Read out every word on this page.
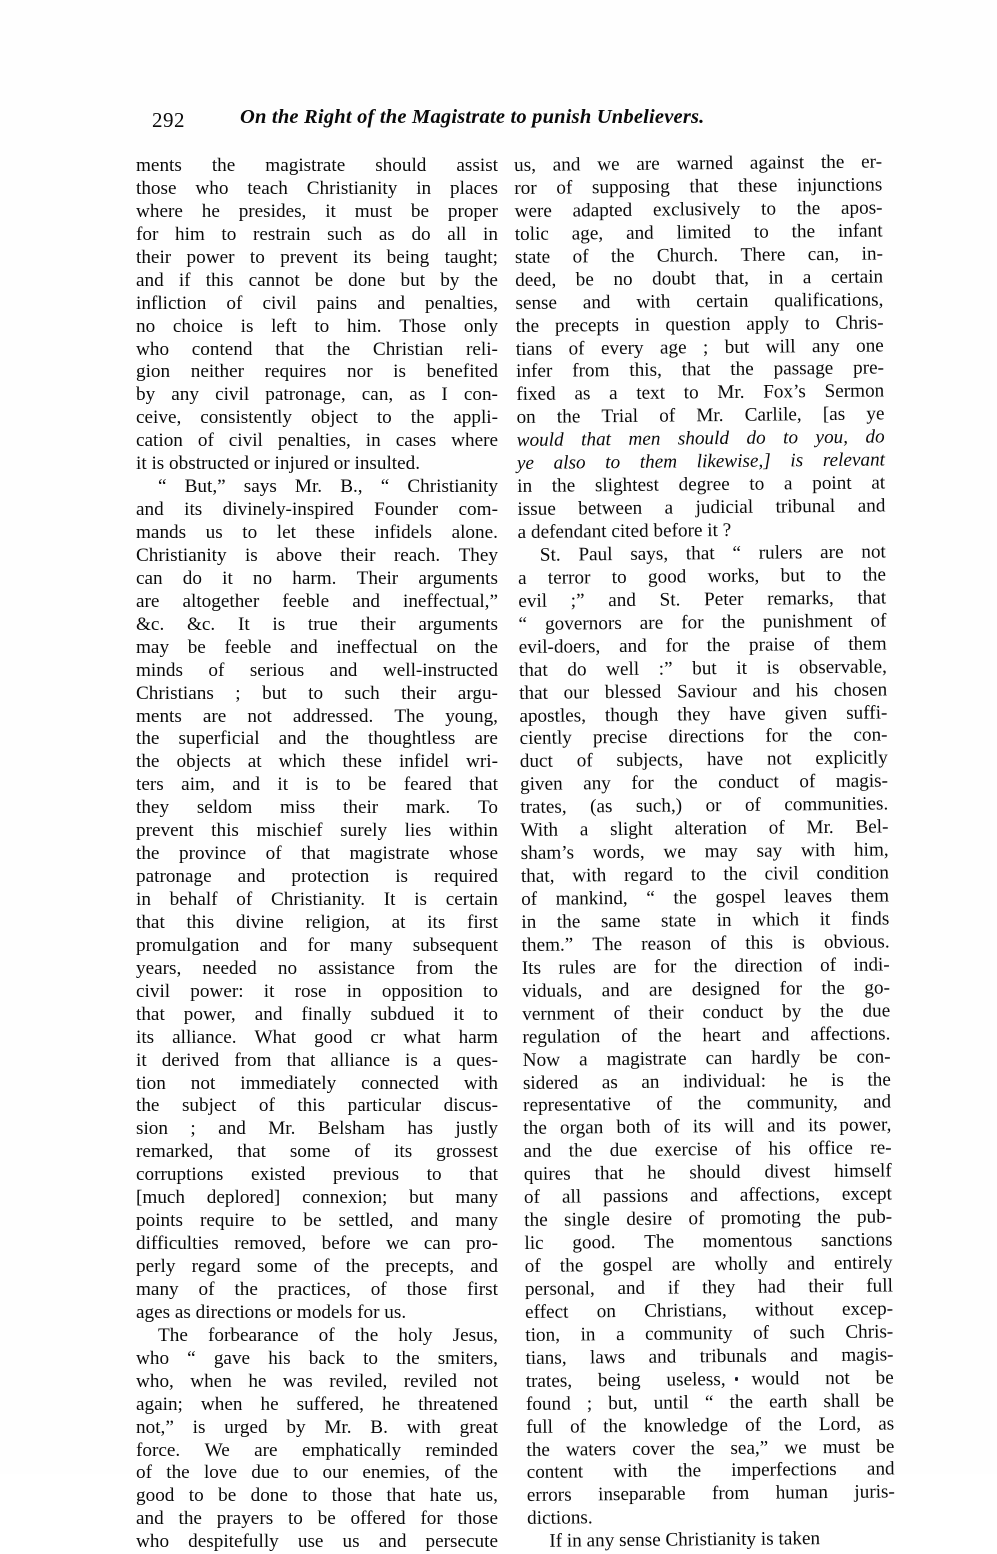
292	On the Right of the Magistrate to punish Unbelievers.
ments the magistrate should assist
those who teach Christianity in places
where he presides, it must be proper
for him to restrain such as do all in
their power to prevent its being taught;
and if this cannot be done but by the
infliction of civil pains and penalties,
no choice is left to him. Those only
who contend that the Christian reli-
gion neither requires nor is benefited
by any civil patronage, can, as I con-
ceive, consistently object to the appli-
cation of civil penalties, in cases where
it is obstructed or injured or insulted.
“ But,” says Mr. B., “ Christianity
and its divinely-inspired Founder com-
mands us to let these infidels alone.
Christianity is above their reach. They
can do it no harm. Their arguments
are altogether feeble and ineffectual,”
&c. &c. It is true their arguments
may be feeble and ineffectual on the
minds of serious and well-instructed
Christians ; but to such their argu-
ments are not addressed. The young,
the superficial and the thoughtless are
the objects at which these infidel wri-
ters aim, and it is to be feared that
they seldom miss their mark. To
prevent this mischief surely lies within
the province of that magistrate whose
patronage and protection is required
in behalf of Christianity. It is certain
that this divine religion, at its first
promulgation and for many subsequent
years, needed no assistance from the
civil power: it rose in opposition to
that power, and finally subdued it to
its alliance. What good cr what harm
it derived from that alliance is a ques-
tion not immediately connected with
the subject of this particular discus-
sion ; and Mr. Belsham has justly
remarked, that some of its grossest
corruptions existed previous to that
[much deplored] connexion; but many
points require to be settled, and many
difficulties removed, before we can pro-
perly regard some of the precepts, and
many of the practices, of those first
ages as directions or models for us.
The forbearance of the holy Jesus,
who “ gave his back to the smiters,
who, when he was reviled, reviled not
again; when he suffered, he threatened
not,” is urged by Mr. B. with great
force. We are emphatically reminded
of the love due to our enemies, of the
good to be done to those that hate us,
and the prayers to be offered for those
who despitefully use us and persecute
us, and we are warned against the er-
ror of supposing that these injunctions
were adapted exclusively to the apos-
tolic age, and limited to the infant
state of the Church. There can, in-
deed, be no doubt that, in a certain
sense and with certain qualifications,
the precepts in question apply to Chris-
tians of every age ; but will any one
infer from this, that the passage pre-
fixed as a text to Mr. Fox’s Sermon
on the Trial of Mr. Carlile, [as ye
would that men should do to you, do
ye also to them likewise,] is relevant
in the slightest degree to a point at
issue between a judicial tribunal and
a defendant cited before it ?
St. Paul says, that “ rulers are not
a terror to good works, but to the
evil ;” and St. Peter remarks, that
“ governors are for the punishment of
evil-doers, and for the praise of them
that do well :” but it is observable,
that our blessed Saviour and his chosen
apostles, though they have given suffi-
ciently precise directions for the con-
duct of subjects, have not explicitly
given any for the conduct of magis-
trates, (as such,) or of communities.
With a slight alteration of Mr. Bel-
sham’s words, we may say with him,
that, with regard to the civil condition
of mankind, “ the gospel leaves them
in the same state in which it finds
them.” The reason of this is obvious.
Its rules are for the direction of indi-
viduals, and are designed for the go-
vernment of their conduct by the due
regulation of the heart and affections.
Now a magistrate can hardly be con-
sidered as an individual: he is the
representative of the community, and
the organ both of its will and its power,
and the due exercise of his office re-
quires that he should divest himself
of all passions and affections, except
the single desire of promoting the pub-
lic good. The momentous sanctions
of the gospel are wholly and entirely
personal, and if they had their full
effect on Christians, without excep-
tion, in a community of such Chris-
tians, laws and tribunals and magis-
trates, being useless, would not be
found ; but, until “ the earth shall be
full of the knowledge of the Lord, as
the waters cover the sea,” we must be
content with the imperfections and
errors inseparable from human juris-
dictions.
If in any sense Christianity is taken
